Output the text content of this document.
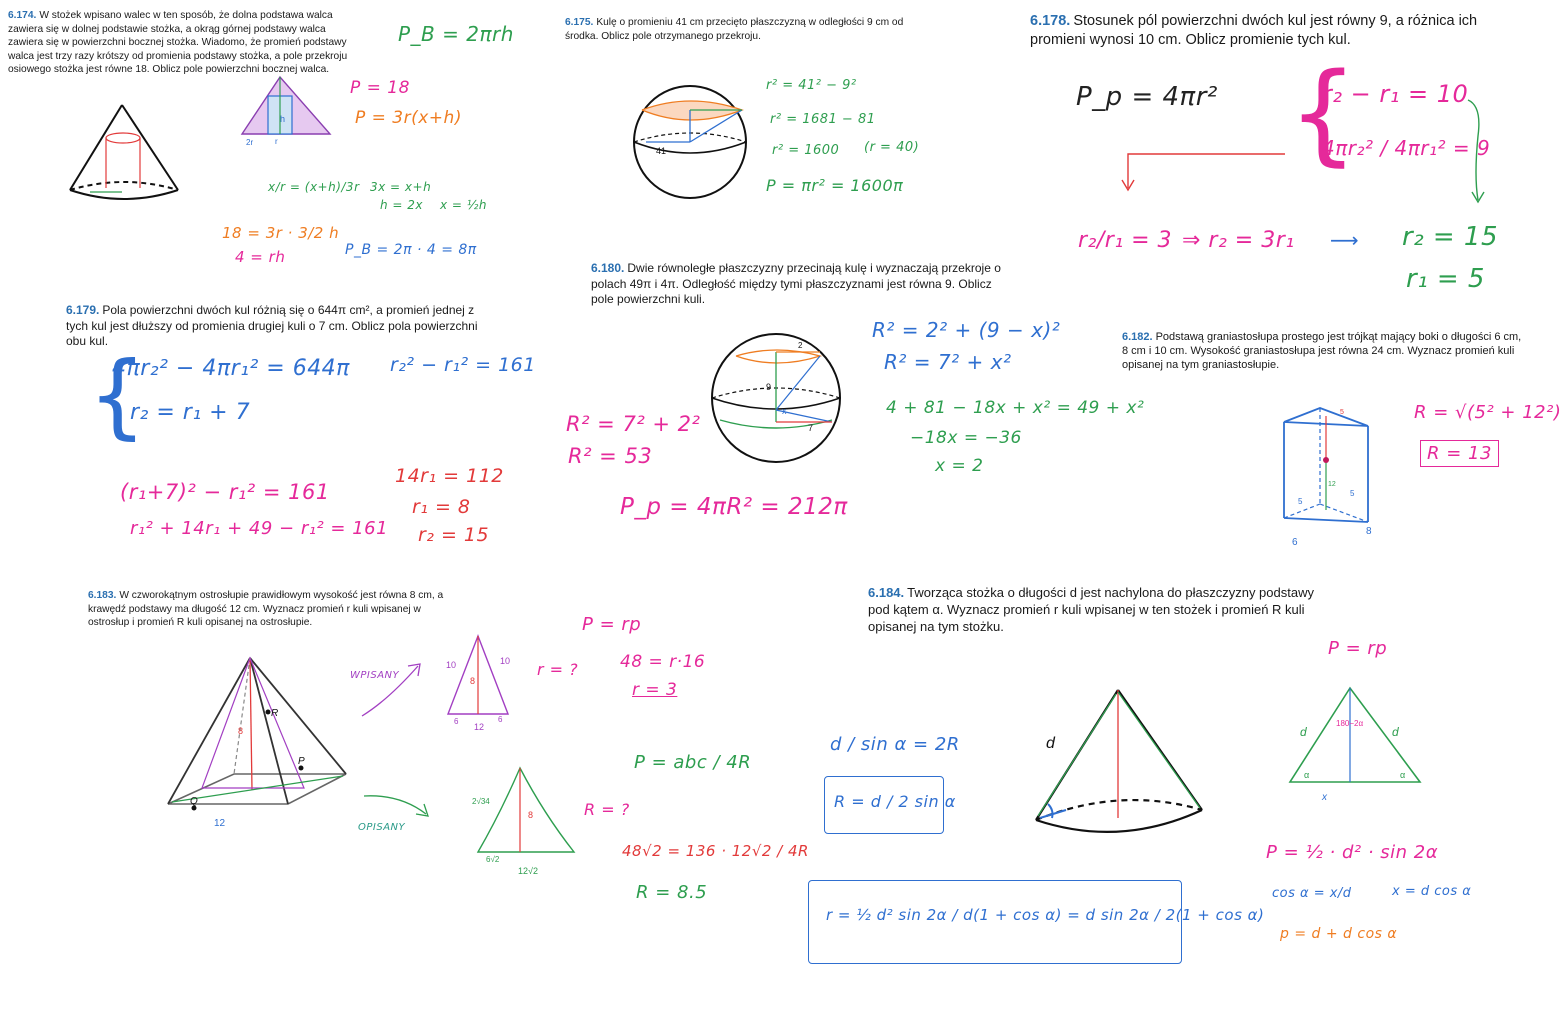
6.174. W stożek wpisano walec w ten sposób, że dolna podstawa walca zawiera się w dolnej podstawie stożka, a okrąg górnej podstawy walca zawiera się w powierzchni bocznej stożka. Wiadomo, że promień podstawy walca jest trzy razy krótszy od promienia podstawy stożka, a pole przekroju osiowego stożka jest równe 18. Oblicz pole powierzchni bocznej walca.
6.175. Kulę o promieniu 41 cm przecięto płaszczyzną w odległości 9 cm od środka. Oblicz pole otrzymanego przekroju.
6.178. Stosunek pól powierzchni dwóch kul jest równy 9, a różnica ich promieni wynosi 10 cm. Oblicz promienie tych kul.
6.179. Pola powierzchni dwóch kul różnią się o 644π cm², a promień jednej z tych kul jest dłuższy od promienia drugiej kuli o 7 cm. Oblicz pola powierzchni obu kul.
6.180. Dwie równoległe płaszczyzny przecinają kulę i wyznaczają przekroje o polach 49π i 4π. Odległość między tymi płaszczyznami jest równa 9. Oblicz pole powierzchni kuli.
6.182. Podstawą graniastosłupa prostego jest trójkąt mający boki o długości 6 cm, 8 cm i 10 cm. Wysokość graniastosłupa jest równa 24 cm. Wyznacz promień kuli opisanej na tym graniastosłupie.
6.183. W czworokątnym ostrosłupie prawidłowym wysokość jest równa 8 cm, a krawędź podstawy ma długość 12 cm. Wyznacz promień r kuli wpisanej w ostrosłup i promień R kuli opisanej na ostrosłupie.
6.184. Tworząca stożka o długości d jest nachylona do płaszczyzny podstawy pod kątem α. Wyznacz promień r kuli wpisanej w ten stożek i promień R kuli opisanej na tym stożku.
2r	r
h
P_B = 2πrh
P = 18
P = 3r(x+h)
x/r = (x+h)/3r 3x = x+h
h = 2x x = ½h
18 = 3r · 3/2 h
4 = rh	P_B = 2π · 4 = 8π
41
r² = 41² − 9²
r² = 1681 − 81
r² = 1600 (r = 40)
P = πr² = 1600π
P_p = 4πr² {
r₂ − r₁ = 10
4πr₂² / 4πr₁² = 9
r₂/r₁ = 3 ⇒ r₂ = 3r₁ ⟶ r₂ = 15
r₁ = 5
{
4πr₂² − 4πr₁² = 644π
r₂ = r₁ + 7
r₂² − r₁² = 161
(r₁+7)² − r₁² = 161
r₁² + 14r₁ + 49 − r₁² = 161
14r₁ = 112
r₁ = 8
r₂ = 15
2
9
7
x
R² = 2² + (9 − x)²
R² = 7² + x²
4 + 81 − 18x + x² = 49 + x²
−18x = −36
x = 2
R² = 7² + 2²
R² = 53
P_p = 4πR² = 212π
5
5
5
12
6
8
R = √(5² + 12²)
R = 13
R
P
Q
8
12
WPISANY
10	10
8
6	6
12
r = ?
P = rp
48 = r·16
r = 3
OPISANY
2√34
8
6√2
12√2
R = ?
P = abc / 4R
48√2 = 136 · 12√2 / 4R
R = 8.5
d / sin α = 2R
R = d / 2 sin α
d
P = rp
d	d
180−2α
α	α
x
P = ½ · d² · sin 2α
cos α = x/d	x = d cos α
p = d + d cos α
r = ½ d² sin 2α / d(1 + cos α) = d sin 2α / 2(1 + cos α)
